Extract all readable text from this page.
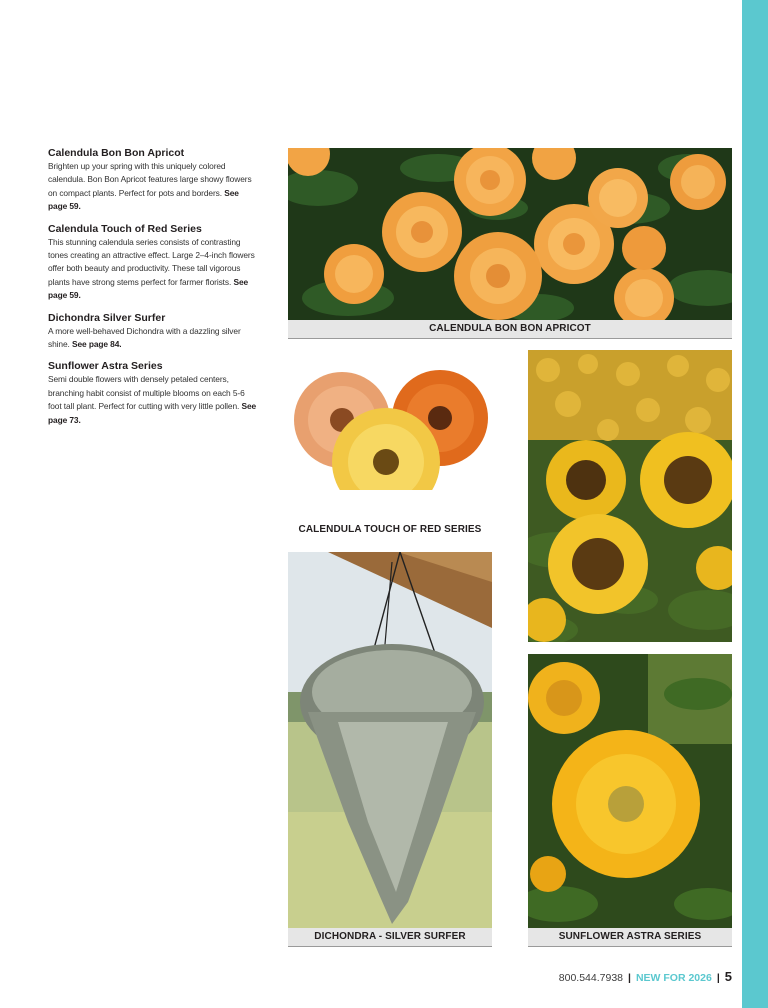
Calendula Bon Bon Apricot
Brighten up your spring with this uniquely colored calendula. Bon Bon Apricot features large showy flowers on compact plants. Perfect for pots and borders. See page 59.
Calendula Touch of Red Series
This stunning calendula series consists of contrasting tones creating an attractive effect. Large 2–4-inch flowers offer both beauty and productivity. These tall vigorous plants have strong stems perfect for farmer florists. See page 59.
Dichondra Silver Surfer
A more well-behaved Dichondra with a dazzling silver shine. See page 84.
Sunflower Astra Series
Semi double flowers with densely petaled centers, branching habit consist of multiple blooms on each 5-6 foot tall plant. Perfect for cutting with very little pollen. See page 73.
CALENDULA BON BON APRICOT
CALENDULA TOUCH OF RED SERIES
DICHONDRA - SILVER SURFER	SUNFLOWER ASTRA SERIES
800.544.7938 | NEW FOR 2026 | 5
